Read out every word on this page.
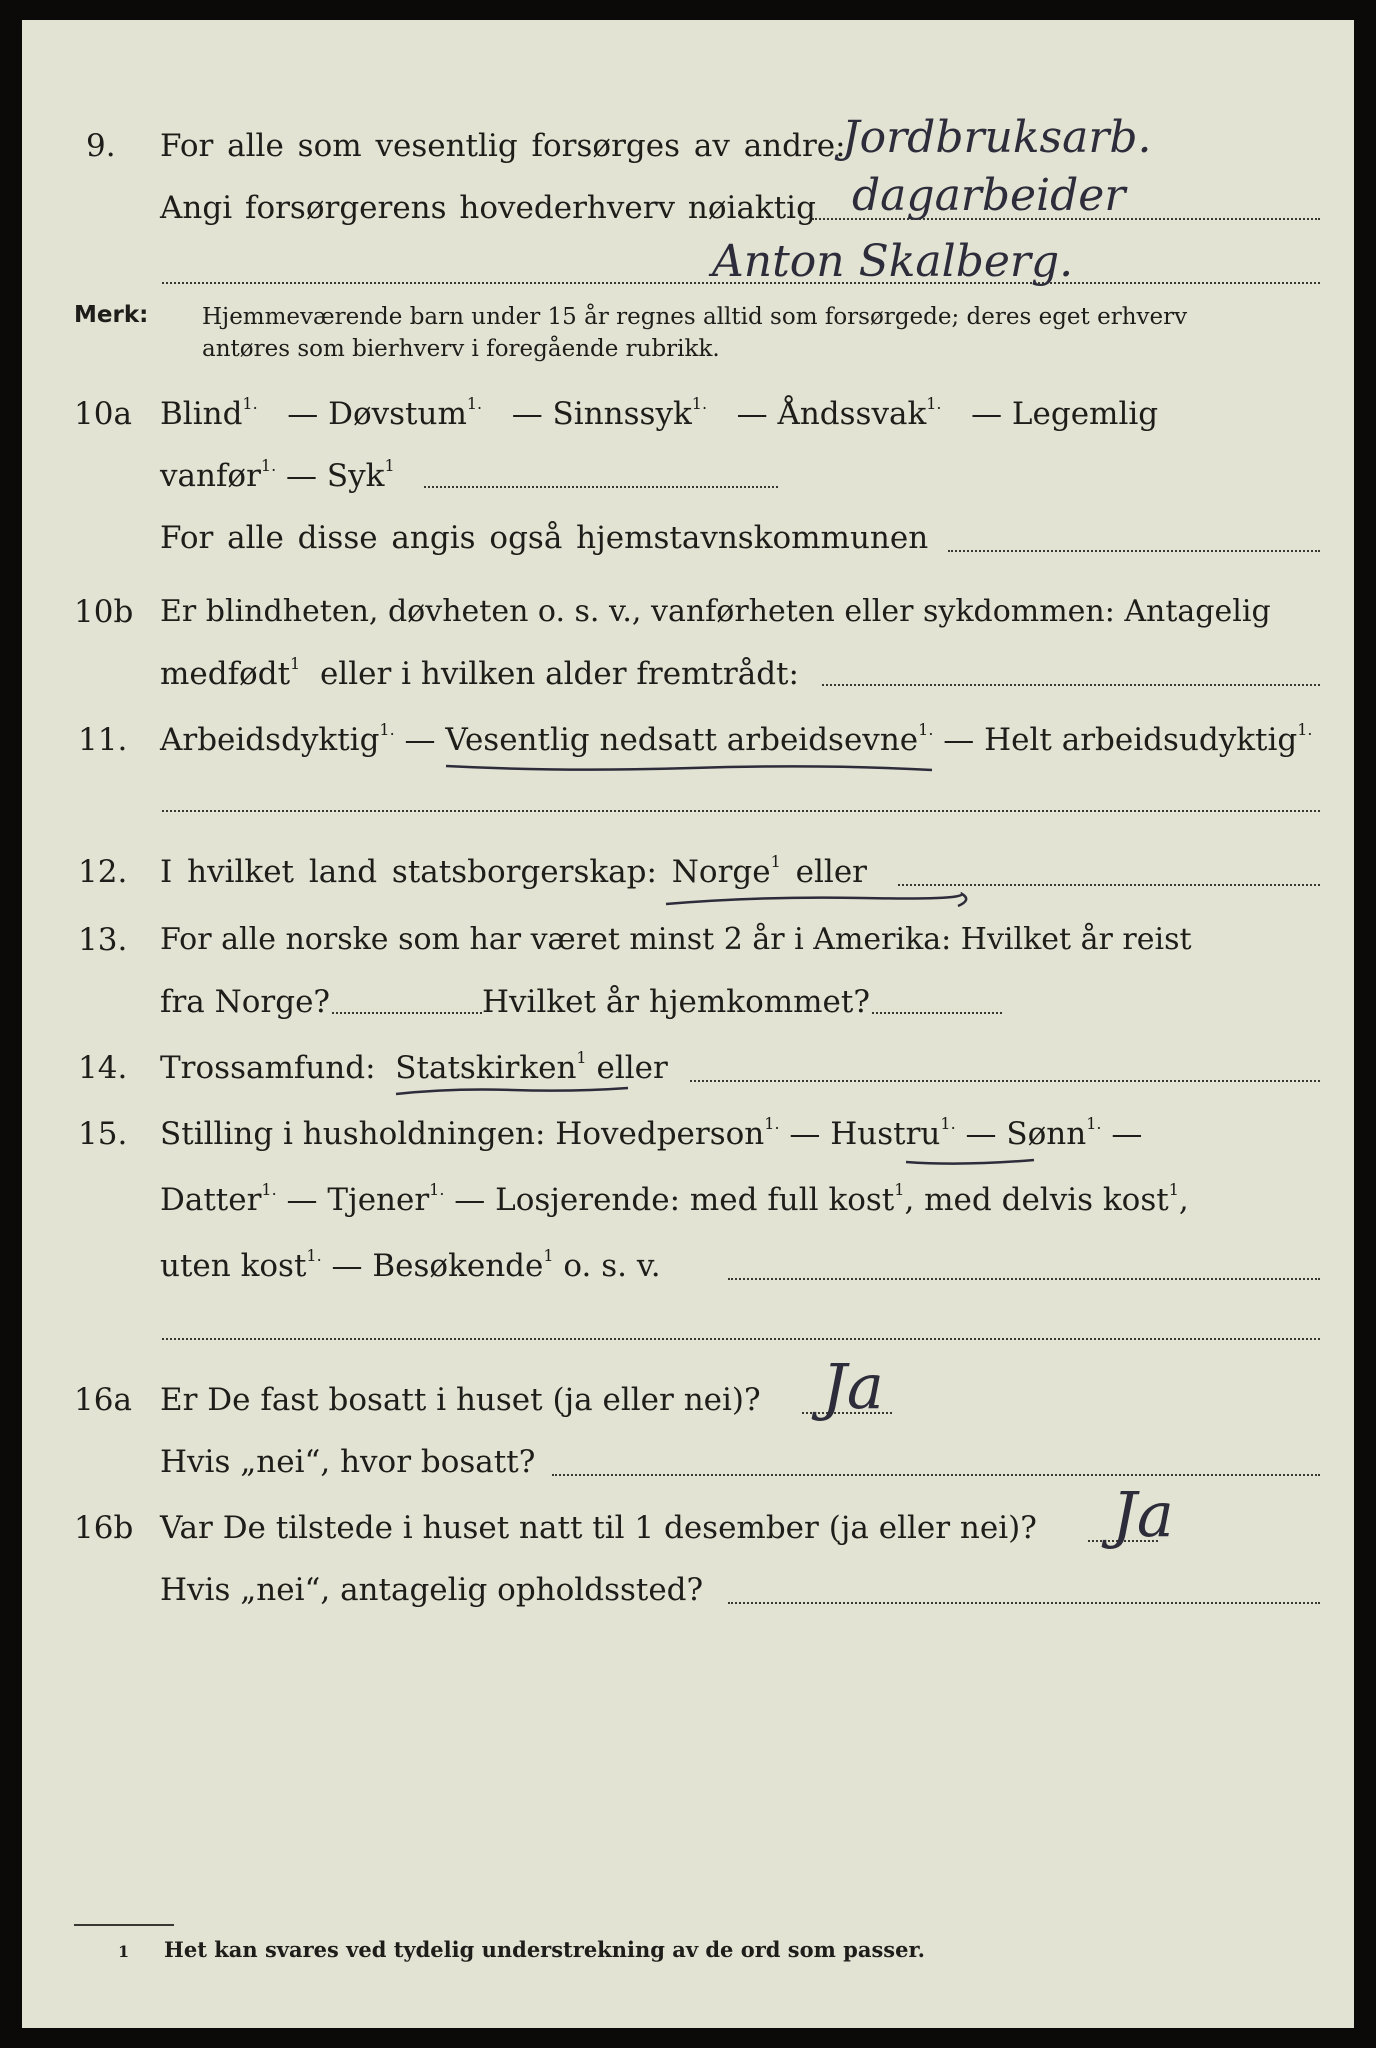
9. For alle som vesentlig forsørges av andre:
Jordbruksarb.
Angi forsørgerens hovederhverv nøiaktig dagarbeider
Anton Skalberg.
Merk: Hjemmeværende barn under 15 år regnes alltid som forsørgede; deres eget erhverv
antøres som bierhverv i foregående rubrikk.
10a Blind$^{1.}$ — Døvstum$^{1.}$ — Sinnssyk$^{1.}$ — Åndssvak$^{1.}$ — Legemlig
vanfør$^{1.}$ — Syk$^1$
For alle disse angis også hjemstavnskommunen
10b Er blindheten, døvheten o. s. v., vanførheten eller sykdommen: Antagelig
medfødt$^1$ eller i hvilken alder fremtrådt:
11. Arbeidsdyktig$^{1.}$ — Vesentlig nedsatt arbeidsevne$^{1.}$ — Helt arbeidsudyktig$^{1.}$
12. I hvilket land statsborgerskap: Norge$^1$ eller
13. For alle norske som har været minst 2 år i Amerika: Hvilket år reist
fra Norge?	Hvilket år hjemkommet?
14. Trossamfund: Statskirken$^1$ eller
15. Stilling i husholdningen: Hovedperson$^{1.}$ — Hustru$^{1.}$ — Sønn$^{1.}$ —
Datter$^{1.}$ — Tjener$^{1.}$ — Losjerende: med full kost$^1$, med delvis kost$^1$,
uten kost$^{1.}$ — Besøkende$^1$ o. s. v.
16a Er De fast bosatt i huset (ja eller nei)? Ja
Hvis „nei“, hvor bosatt?
16b Var De tilstede i huset natt til 1 desember (ja eller nei)? Ja
Hvis „nei“, antagelig opholdssted?
1 Het kan svares ved tydelig understrekning av de ord som passer.
